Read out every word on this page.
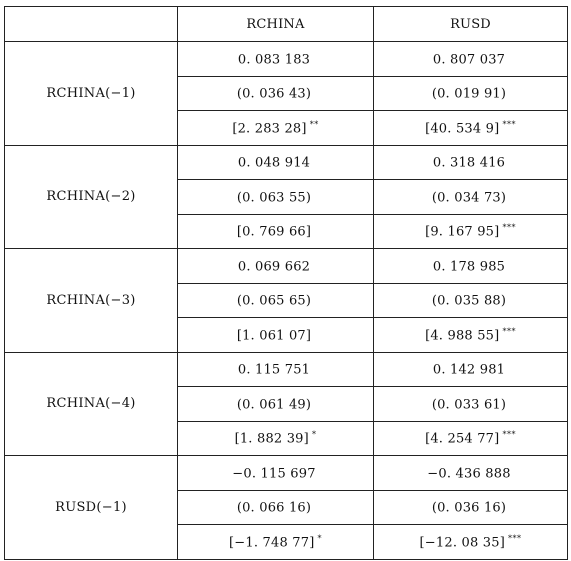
	RCHINA	RUSD
RCHINA(−1)	0. 083 183	0. 807 037
	(0. 036 43)	(0. 019 91)
	[2. 283 28] **	[40. 534 9] ***
RCHINA(−2)	0. 048 914	0. 318 416
	(0. 063 55)	(0. 034 73)
	[0. 769 66]	[9. 167 95] ***
RCHINA(−3)	0. 069 662	0. 178 985
	(0. 065 65)	(0. 035 88)
	[1. 061 07]	[4. 988 55] ***
RCHINA(−4)	0. 115 751	0. 142 981
	(0. 061 49)	(0. 033 61)
	[1. 882 39] *	[4. 254 77] ***
RUSD(−1)	−0. 115 697	−0. 436 888
	(0. 066 16)	(0. 036 16)
	[−1. 748 77] *	[−12. 08 35] ***
